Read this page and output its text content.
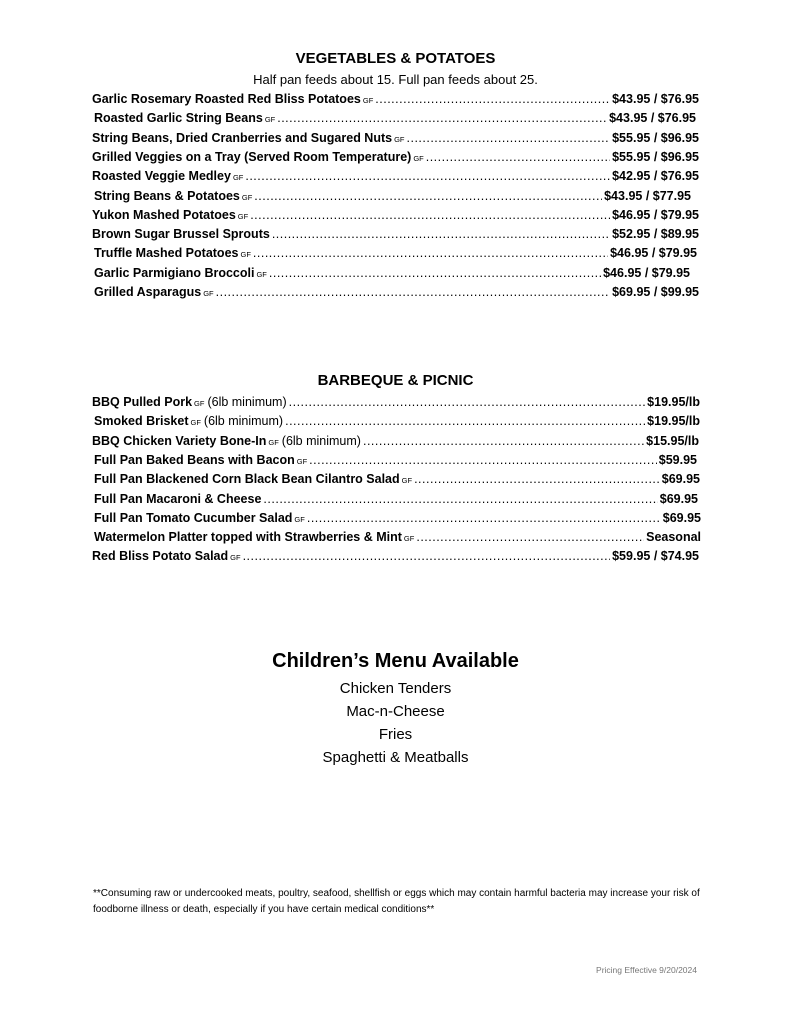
VEGETABLES & POTATOES
Half pan feeds about 15. Full pan feeds about 25.
Garlic Rosemary Roasted Red Bliss Potatoes GF .....	$43.95 / $76.95
Roasted Garlic String Beans GF .....	$43.95 / $76.95
String Beans, Dried Cranberries and Sugared Nuts GF .....	$55.95 / $96.95
Grilled Veggies on a Tray (Served Room Temperature) GF .....	$55.95 / $96.95
Roasted Veggie Medley GF .....	$42.95 / $76.95
String Beans & Potatoes GF .....	$43.95 / $77.95
Yukon Mashed Potatoes GF .....	$46.95 / $79.95
Brown Sugar Brussel Sprouts .....	$52.95 / $89.95
Truffle Mashed Potatoes GF .....	$46.95 / $79.95
Garlic Parmigiano Broccoli GF .....	$46.95 / $79.95
Grilled Asparagus GF .....	$69.95 / $99.95
BARBEQUE & PICNIC
BBQ Pulled Pork GF (6lb minimum) .....	$19.95/lb
Smoked Brisket GF (6lb minimum) .....	$19.95/lb
BBQ Chicken Variety Bone-In GF (6lb minimum) .....	$15.95/lb
Full Pan Baked Beans with Bacon GF .....	$59.95
Full Pan Blackened Corn Black Bean Cilantro Salad GF .....	$69.95
Full Pan Macaroni & Cheese .....	$69.95
Full Pan Tomato Cucumber Salad GF .....	$69.95
Watermelon Platter topped with Strawberries & Mint GF .....	Seasonal
Red Bliss Potato Salad GF .....	$59.95 / $74.95
Children’s Menu Available
Chicken Tenders
Mac-n-Cheese
Fries
Spaghetti & Meatballs
**Consuming raw or undercooked meats, poultry, seafood, shellfish or eggs which may contain harmful bacteria may increase your risk of foodborne illness or death, especially if you have certain medical conditions**
Pricing Effective 9/20/2024
